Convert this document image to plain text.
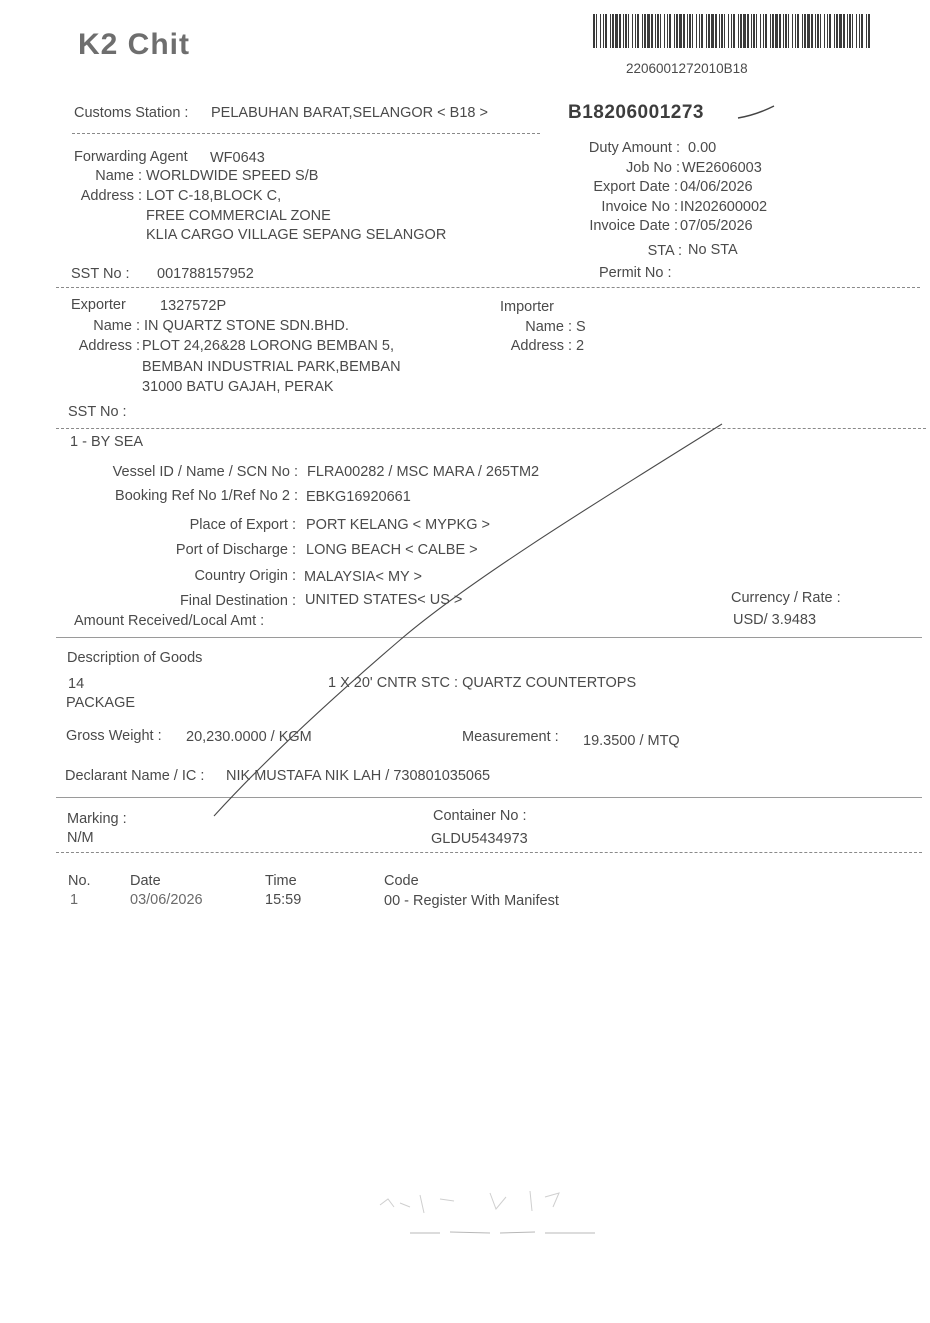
K2 Chit
2206001272010B18
Customs Station : PELABUHAN BARAT,SELANGOR < B18 >	B18206001273
Forwarding Agent WF0643
Name : WORLDWIDE SPEED S/B
Address : LOT C-18,BLOCK C,
FREE COMMERCIAL ZONE
KLIA CARGO VILLAGE SEPANG SELANGOR
SST No : 001788157952
Duty Amount : 0.00
Job No : WE2606003
Export Date : 04/06/2026
Invoice No : IN202600002
Invoice Date : 07/05/2026
STA : No STA
Permit No :
Exporter 1327572P
Name : IN QUARTZ STONE SDN.BHD.
Address : PLOT 24,26&28 LORONG BEMBAN 5,
BEMBAN INDUSTRIAL PARK,BEMBAN
31000 BATU GAJAH, PERAK
SST No :
Importer
Name : S
Address : 2
1 - BY SEA
Vessel ID / Name / SCN No : FLRA00282 / MSC MARA / 265TM2
Booking Ref No 1/Ref No 2 : EBKG16920661
Place of Export : PORT KELANG < MYPKG >
Port of Discharge : LONG BEACH < CALBE >
Country Origin : MALAYSIA< MY >
Final Destination : UNITED STATES< US >
Amount Received/Local Amt :
Currency / Rate :
USD/ 3.9483
Description of Goods
14
PACKAGE
1 X 20' CNTR STC : QUARTZ COUNTERTOPS
Gross Weight : 20,230.0000 / KGM	Measurement : 19.3500 / MTQ
Declarant Name / IC : NIK MUSTAFA NIK LAH / 730801035065
Marking :
N/M
Container No :
GLDU5434973
No.	Date	Time	Code
1	03/06/2026	15:59	00 - Register With Manifest
